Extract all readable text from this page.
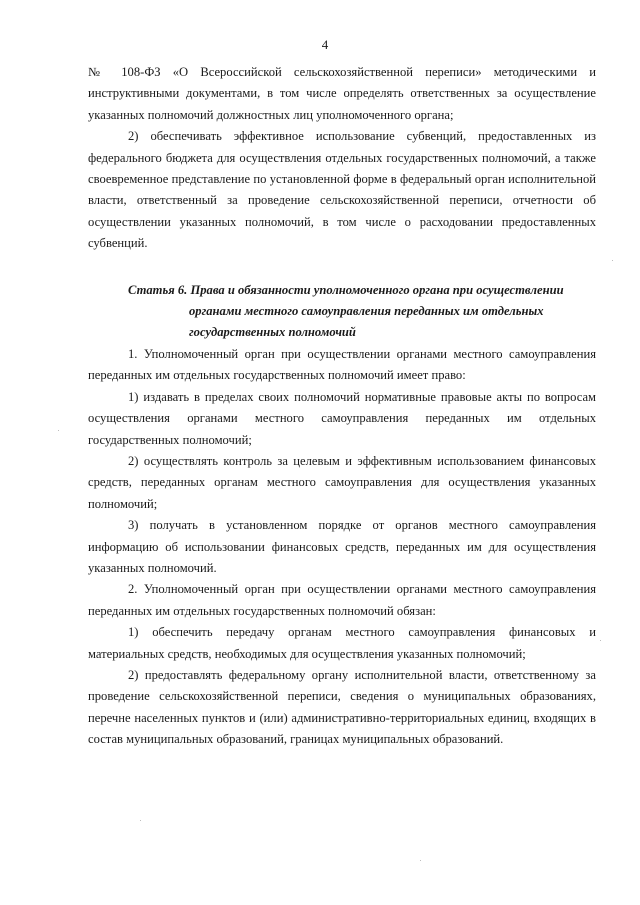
4

№ 108-ФЗ «О Всероссийской сельскохозяйственной переписи» методическими и инструктивными документами, в том числе определять ответственных за осуществление указанных полномочий должностных лиц уполномоченного органа;

2) обеспечивать эффективное использование субвенций, предоставленных из федерального бюджета для осуществления отдельных государственных полномочий, а также своевременное представление по установленной форме в федеральный орган исполнительной власти, ответственный за проведение сельскохозяйственной переписи, отчетности об осуществлении указанных полномочий, в том числе о расходовании предоставленных субвенций.

Статья 6. Права и обязанности уполномоченного органа при осуществлении
органами местного самоуправления переданных им отдельных
государственных полномочий

1. Уполномоченный орган при осуществлении органами местного самоуправления переданных им отдельных государственных полномочий имеет право:

1) издавать в пределах своих полномочий нормативные правовые акты по вопросам осуществления органами местного самоуправления переданных им отдельных государственных полномочий;

2) осуществлять контроль за целевым и эффективным использованием финансовых средств, переданных органам местного самоуправления для осуществления указанных полномочий;

3) получать в установленном порядке от органов местного самоуправления информацию об использовании финансовых средств, переданных им для осуществления указанных полномочий.

2. Уполномоченный орган при осуществлении органами местного самоуправления переданных им отдельных государственных полномочий обязан:

1) обеспечить передачу органам местного самоуправления финансовых и материальных средств, необходимых для осуществления указанных полномочий;

2) предоставлять федеральному органу исполнительной власти, ответственному за проведение сельскохозяйственной переписи, сведения о муниципальных образованиях, перечне населенных пунктов и (или) административно-территориальных единиц, входящих в состав муниципальных образований, границах муниципальных образований.
